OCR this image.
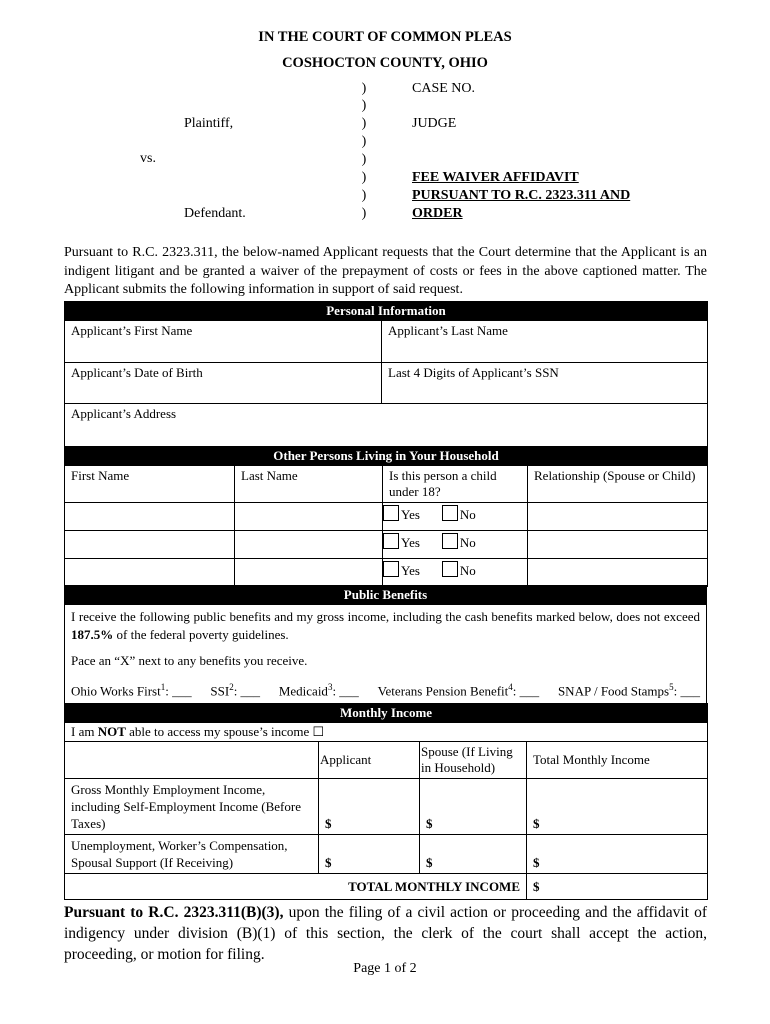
IN THE COURT OF COMMON PLEAS
COSHOCTON COUNTY, OHIO
Plaintiff,
vs.
Defendant.
)
)
)
)
)
)
)
)
CASE NO.
JUDGE
FEE WAIVER AFFIDAVIT
PURSUANT TO R.C. 2323.311 AND
ORDER
Pursuant to R.C. 2323.311, the below-named Applicant requests that the Court determine that the Applicant is an indigent litigant and be granted a waiver of the prepayment of costs or fees in the above captioned matter. The Applicant submits the following information in support of said request.
Personal Information	
Applicant’s First Name	Applicant’s Last Name
Applicant’s Date of Birth	Last 4 Digits of Applicant’s SSN
Applicant’s Address	
Other Persons Living in Your Household			
First Name	Last Name	Is this person a child under 18?	Relationship (Spouse or Child)
		Yes No	
		Yes No	
		Yes No	
Public Benefits

I receive the following public benefits and my gross income, including the cash benefits marked below, does not exceed 187.5% of the federal poverty guidelines.
Pace an “X” next to any benefits you receive.
Ohio Works First$^1$: ___ SSI$^2$: ___ Medicaid$^3$: ___ Veterans Pension Benefit$^4$: ___ SNAP / Food Stamps$^5$: ___
Monthly Income			
I am NOT able to access my spouse’s income ☐			
	Applicant	Spouse (If Living in Household)	Total Monthly Income
Gross Monthly Employment Income, including Self-Employment Income (Before Taxes)	$	$	$
Unemployment, Worker’s Compensation, Spousal Support (If Receiving)	$	$	$
TOTAL MONTHLY INCOME			$
Pursuant to R.C. 2323.311(B)(3), upon the filing of a civil action or proceeding and the affidavit of indigency under division (B)(1) of this section, the clerk of the court shall accept the action, proceeding, or motion for filing.
Page 1 of 2
